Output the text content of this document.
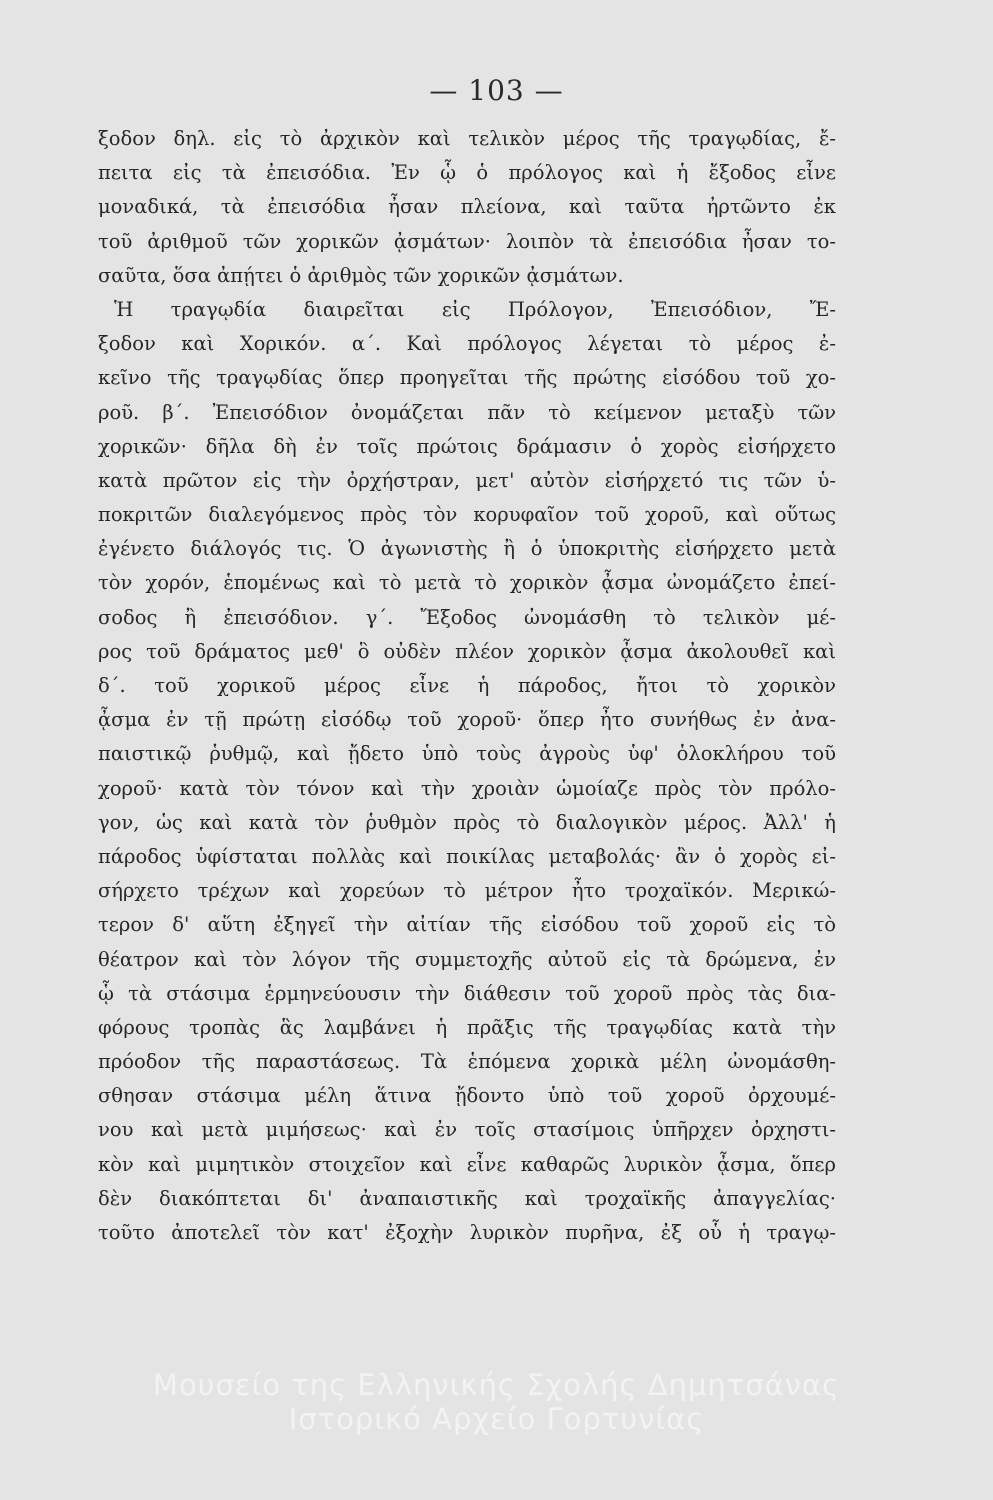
— 103 —
ξοδον δηλ. εἰς τὸ ἀρχικὸν καὶ τελικὸν μέρος τῆς τραγῳδίας, ἔ-
πειτα εἰς τὰ ἐπεισόδια. Ἐν ᾧ ὁ πρόλογος καὶ ἡ ἔξοδος εἶνε
μοναδικά, τὰ ἐπεισόδια ἦσαν πλείονα, καὶ ταῦτα ἠρτῶντο ἐκ
τοῦ ἀριθμοῦ τῶν χορικῶν ᾀσμάτων· λοιπὸν τὰ ἐπεισόδια ἦσαν το-
σαῦτα, ὅσα ἀπῄτει ὁ ἀριθμὸς τῶν χορικῶν ᾀσμάτων.
Ἡ τραγῳδία διαιρεῖται εἰς Πρόλογον, Ἐπεισόδιον, Ἔ-
ξοδον καὶ Χορικόν. α΄. Καὶ πρόλογος λέγεται τὸ μέρος ἐ-
κεῖνο τῆς τραγῳδίας ὅπερ προηγεῖται τῆς πρώτης εἰσόδου τοῦ χο-
ροῦ. β΄. Ἐπεισόδιον ὀνομάζεται πᾶν τὸ κείμενον μεταξὺ τῶν
χορικῶν· δῆλα δὴ ἐν τοῖς πρώτοις δράμασιν ὁ χορὸς εἰσήρχετο
κατὰ πρῶτον εἰς τὴν ὀρχήστραν, μετ' αὐτὸν εἰσήρχετό τις τῶν ὑ-
ποκριτῶν διαλεγόμενος πρὸς τὸν κορυφαῖον τοῦ χοροῦ, καὶ οὕτως
ἐγένετο διάλογός τις. Ὁ ἀγωνιστὴς ἢ ὁ ὑποκριτὴς εἰσήρχετο μετὰ
τὸν χορόν, ἑπομένως καὶ τὸ μετὰ τὸ χορικὸν ᾆσμα ὠνομάζετο ἐπεί-
σοδος ἢ ἐπεισόδιον. γ΄. Ἔξοδος ὠνομάσθη τὸ τελικὸν μέ-
ρος τοῦ δράματος μεθ' ὃ οὐδὲν πλέον χορικὸν ᾆσμα ἀκολουθεῖ καὶ
δ΄. τοῦ χορικοῦ μέρος εἶνε ἡ πάροδος, ἤτοι τὸ χορικὸν
ᾆσμα ἐν τῇ πρώτῃ εἰσόδῳ τοῦ χοροῦ· ὅπερ ἦτο συνήθως ἐν ἀνα-
παιστικῷ ῥυθμῷ, καὶ ᾔδετο ὑπὸ τοὺς ἀγροὺς ὑφ' ὁλοκλήρου τοῦ
χοροῦ· κατὰ τὸν τόνον καὶ τὴν χροιὰν ὡμοίαζε πρὸς τὸν πρόλο-
γον, ὡς καὶ κατὰ τὸν ῥυθμὸν πρὸς τὸ διαλογικὸν μέρος. Ἀλλ' ἡ
πάροδος ὑφίσταται πολλὰς καὶ ποικίλας μεταβολάς· ἂν ὁ χορὸς εἰ-
σήρχετο τρέχων καὶ χορεύων τὸ μέτρον ἦτο τροχαϊκόν. Μερικώ-
τερον δ' αὕτη ἐξηγεῖ τὴν αἰτίαν τῆς εἰσόδου τοῦ χοροῦ εἰς τὸ
θέατρον καὶ τὸν λόγον τῆς συμμετοχῆς αὐτοῦ εἰς τὰ δρώμενα, ἐν
ᾧ τὰ στάσιμα ἑρμηνεύουσιν τὴν διάθεσιν τοῦ χοροῦ πρὸς τὰς δια-
φόρους τροπὰς ἃς λαμβάνει ἡ πρᾶξις τῆς τραγῳδίας κατὰ τὴν
πρόοδον τῆς παραστάσεως. Τὰ ἑπόμενα χορικὰ μέλη ὠνομάσθη-
σθησαν στάσιμα μέλη ἅτινα ᾔδοντο ὑπὸ τοῦ χοροῦ ὀρχουμέ-
νου καὶ μετὰ μιμήσεως· καὶ ἐν τοῖς στασίμοις ὑπῆρχεν ὀρχηστι-
κὸν καὶ μιμητικὸν στοιχεῖον καὶ εἶνε καθαρῶς λυρικὸν ᾆσμα, ὅπερ
δὲν διακόπτεται δι' ἀναπαιστικῆς καὶ τροχαϊκῆς ἀπαγγελίας·
τοῦτο ἀποτελεῖ τὸν κατ' ἐξοχὴν λυρικὸν πυρῆνα, ἐξ οὗ ἡ τραγῳ-
Μουσείο της Ελληνικής Σχολής Δημητσάνας
Ιστορικό Αρχείο Γορτυνίας
